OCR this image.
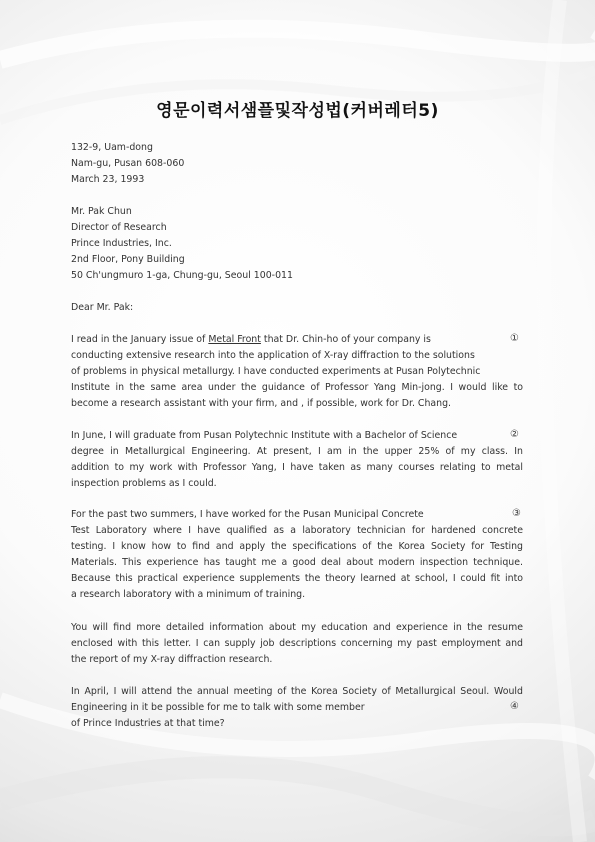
영문이력서샘플및작성법(커버레터5)
132-9, Uam-dong
Nam-gu, Pusan 608-060
March 23, 1993
Mr. Pak Chun
Director of Research
Prince Industries, Inc.
2nd Floor, Pony Building
50 Ch'ungmuro 1-ga, Chung-gu, Seoul 100-011
Dear Mr. Pak:
I read in the January issue of Metal Front that Dr. Chin-ho of your company is
conducting extensive research into the application of X-ray diffraction to the solutions
of problems in physical metallurgy. I have conducted experiments at Pusan Polytechnic
Institute in the same area under the guidance of Professor Yang Min-jong. I would like to
become a research assistant with your firm, and , if possible, work for Dr. Chang.
①
In June, I will graduate from Pusan Polytechnic Institute with a Bachelor of Science
degree in Metallurgical Engineering. At present, I am in the upper 25% of my class. In
addition to my work with Professor Yang, I have taken as many courses relating to metal
inspection problems as I could.
②
For the past two summers, I have worked for the Pusan Municipal Concrete
Test Laboratory where I have qualified as a laboratory technician for hardened concrete
testing. I know how to find and apply the specifications of the Korea Society for Testing
Materials. This experience has taught me a good deal about modern inspection technique.
Because this practical experience supplements the theory learned at school, I could fit into
a research laboratory with a minimum of training.
③
You will find more detailed information about my education and experience in the resume
enclosed with this letter. I can supply job descriptions concerning my past employment and
the report of my X-ray diffraction research.
In April, I will attend the annual meeting of the Korea Society of Metallurgical Seoul. Would
Engineering in it be possible for me to talk with some member
of Prince Industries at that time?
④
